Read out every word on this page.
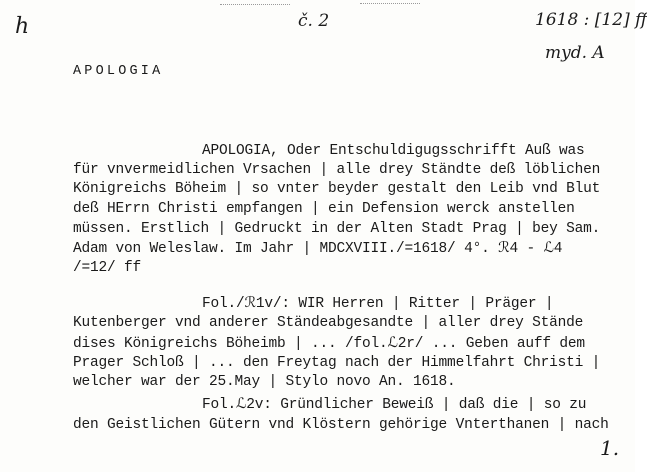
h	č. 2	1618 : [12] ff
myd. A
1.
APOLOGIA
APOLOGIA, Oder Entschuldigugsschrifft Auß was
für vnvermeidlichen Vrsachen | alle drey Ständte deß löblichen
Königreichs Böheim | so vnter beyder gestalt den Leib vnd Blut
deß HErrn Christi empfangen | ein Defension werck anstellen
müssen. Erstlich | Gedruckt in der Alten Stadt Prag | bey Sam.
Adam von Weleslaw. Im Jahr | MDCXVIII./=1618/ 4°. ℛ4 - ℒ4
/=12/ ff
Fol./ℛ1v/: WIR Herren | Ritter | Präger |
Kutenberger vnd anderer Ständeabgesandte | aller drey Stände
dises Königreichs Böheimb | ... /fol.ℒ2r/ ... Geben auff dem
Prager Schloß | ... den Freytag nach der Himmelfahrt Christi |
welcher war der 25.May | Stylo novo An. 1618.
Fol.ℒ2v: Gründlicher Beweiß | daß die | so zu
den Geistlichen Gütern vnd Klöstern gehörige Vnterthanen | nach
